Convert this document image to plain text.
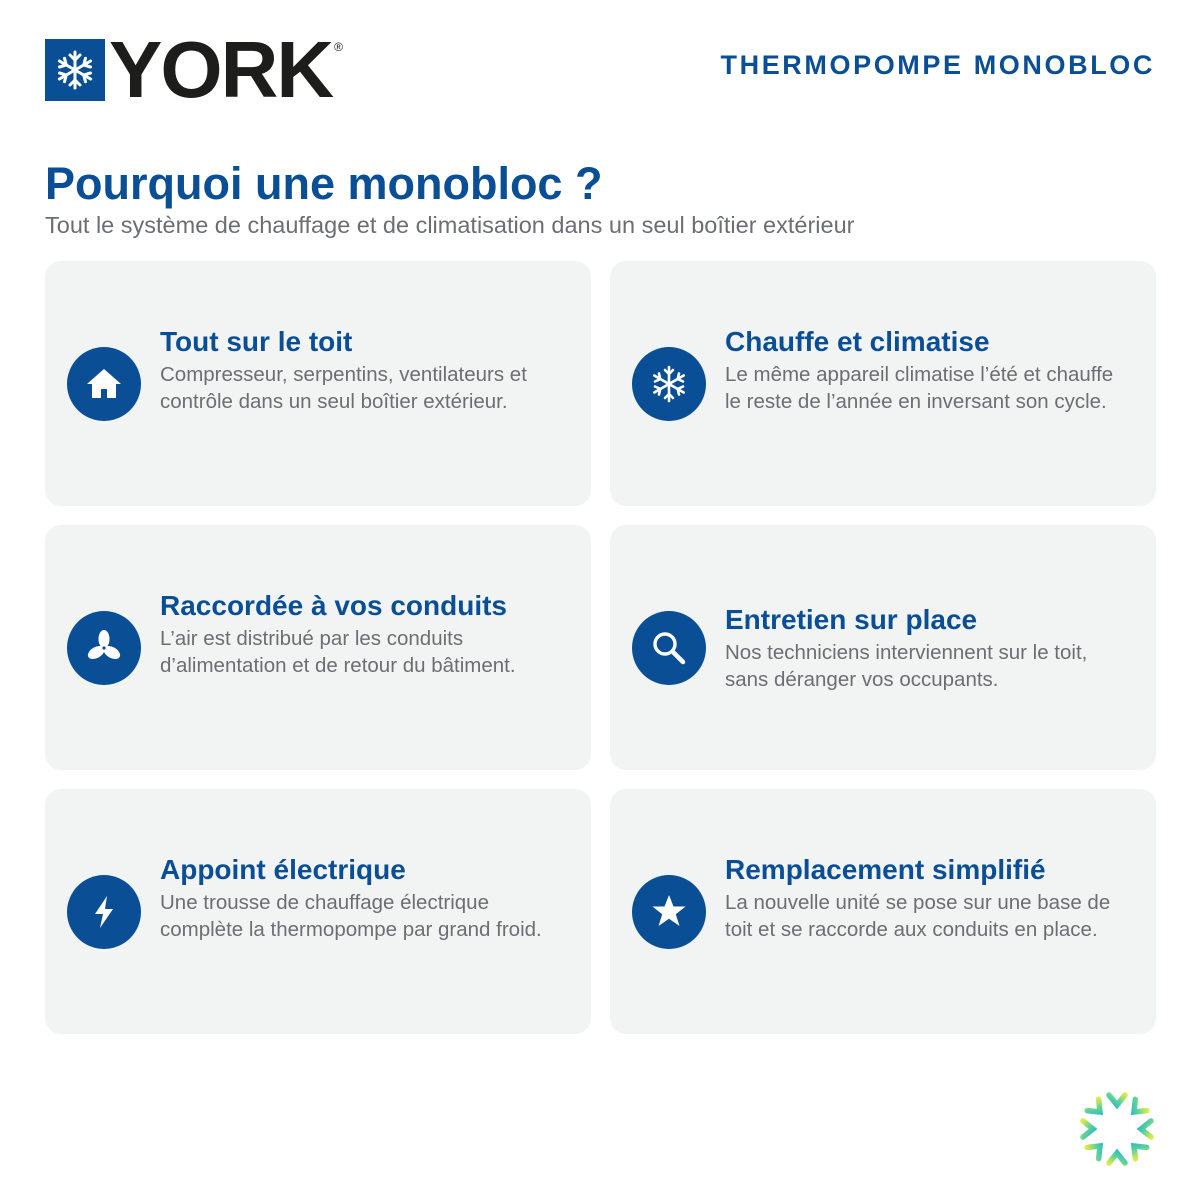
YORK ®
THERMOPOMPE MONOBLOC
Pourquoi une monobloc ?

Tout le système de chauffage et de climatisation dans un seul boîtier extérieur

Tout sur le toit
Compresseur, serpentins, ventilateurs et contrôle dans un seul boîtier extérieur.
Chauffe et climatise
Le même appareil climatise l’été et chauffe le reste de l’année en inversant son cycle.
Raccordée à vos conduits
L’air est distribué par les conduits d’alimentation et de retour du bâtiment.
Entretien sur place
Nos techniciens interviennent sur le toit, sans déranger vos occupants.
Appoint électrique
Une trousse de chauffage électrique complète la thermopompe par grand froid.
Remplacement simplifié
La nouvelle unité se pose sur une base de toit et se raccorde aux conduits en place.
